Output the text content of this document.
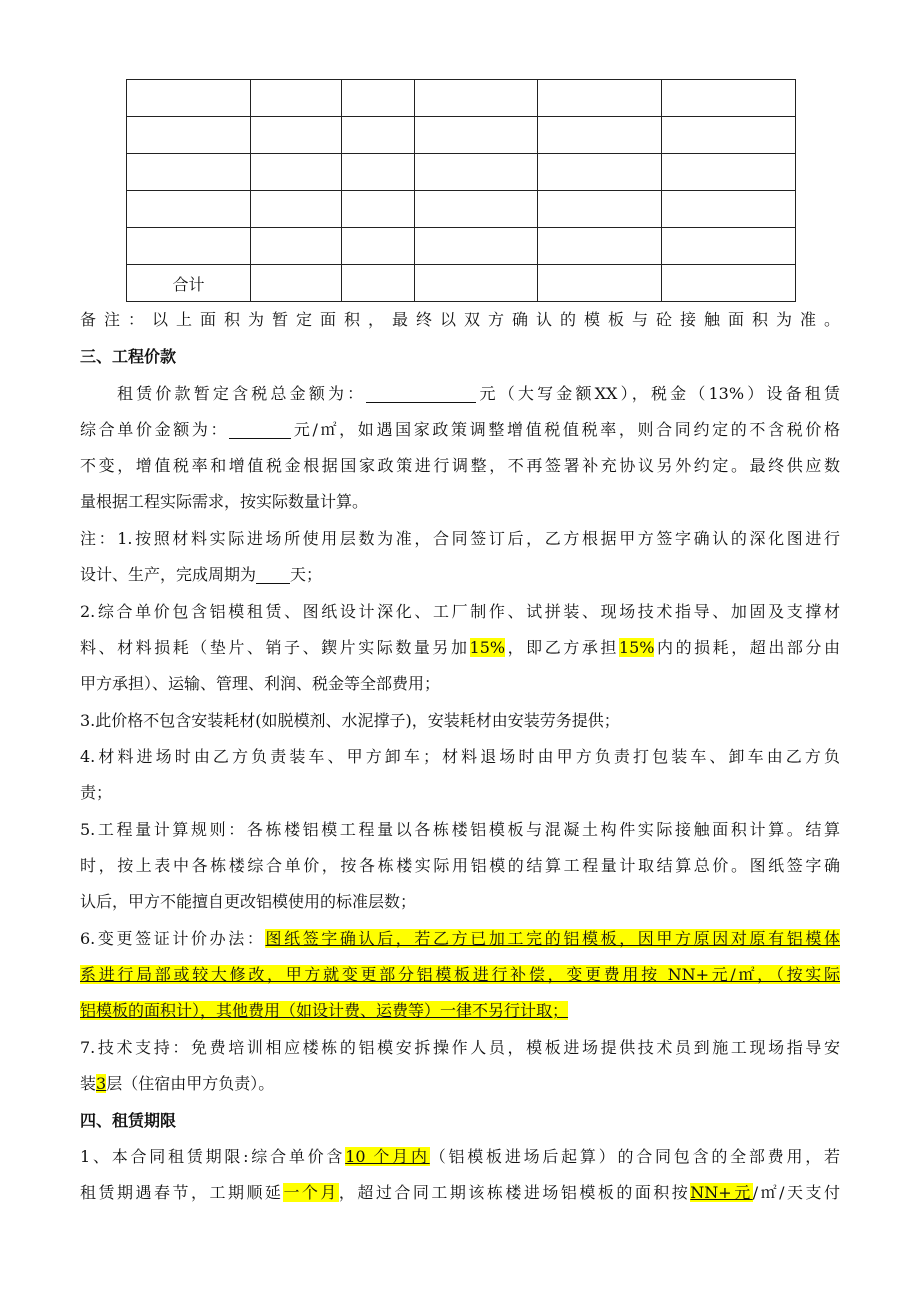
合计					
备注：以上面积为暂定面积，最终以双方确认的模板与砼接触面积为准。
三、工程价款
租赁价款暂定含税总金额为：	元（大写金额XX），税金（13%）设备租赁
综合单价金额为：	元/㎡，如遇国家政策调整增值税值税率，则合同约定的不含税价格
不变，增值税率和增值税金根据国家政策进行调整，不再签署补充协议另外约定。最终供应数
量根据工程实际需求，按实际数量计算。
注：1.按照材料实际进场所使用层数为准，合同签订后，乙方根据甲方签字确认的深化图进行
设计、生产，完成周期为 天；
2.综合单价包含铝模租赁、图纸设计深化、工厂制作、试拼装、现场技术指导、加固及支撑材
料、材料损耗（垫片、销子、鍥片实际数量另加15%，即乙方承担15%内的损耗，超出部分由
甲方承担）、运输、管理、利润、税金等全部费用；
3.此价格不包含安装耗材(如脱模剂、水泥撑子)，安装耗材由安装劳务提供；
4.材料进场时由乙方负责装车、甲方卸车；材料退场时由甲方负责打包装车、卸车由乙方负
责；
5.工程量计算规则：各栋楼铝模工程量以各栋楼铝模板与混凝土构件实际接触面积计算。结算
时，按上表中各栋楼综合单价，按各栋楼实际用铝模的结算工程量计取结算总价。图纸签字确
认后，甲方不能擅自更改铝模使用的标准层数；
6.变更签证计价办法：图纸签字确认后，若乙方已加工完的铝模板，因甲方原因对原有铝模体
系进行局部或较大修改，甲方就变更部分铝模板进行补偿，变更费用按 NN+元/㎡，（按实际
铝模板的面积计），其他费用（如设计费、运费等）一律不另行计取；
7.技术支持：免费培训相应楼栋的铝模安拆操作人员，模板进场提供技术员到施工现场指导安
装3层（住宿由甲方负责）。
四、租赁期限
1、本合同租赁期限:综合单价含10 个月内（铝模板进场后起算）的合同包含的全部费用，若
租赁期遇春节，工期顺延一个月，超过合同工期该栋楼进场铝模板的面积按NN+元/㎡/天支付
